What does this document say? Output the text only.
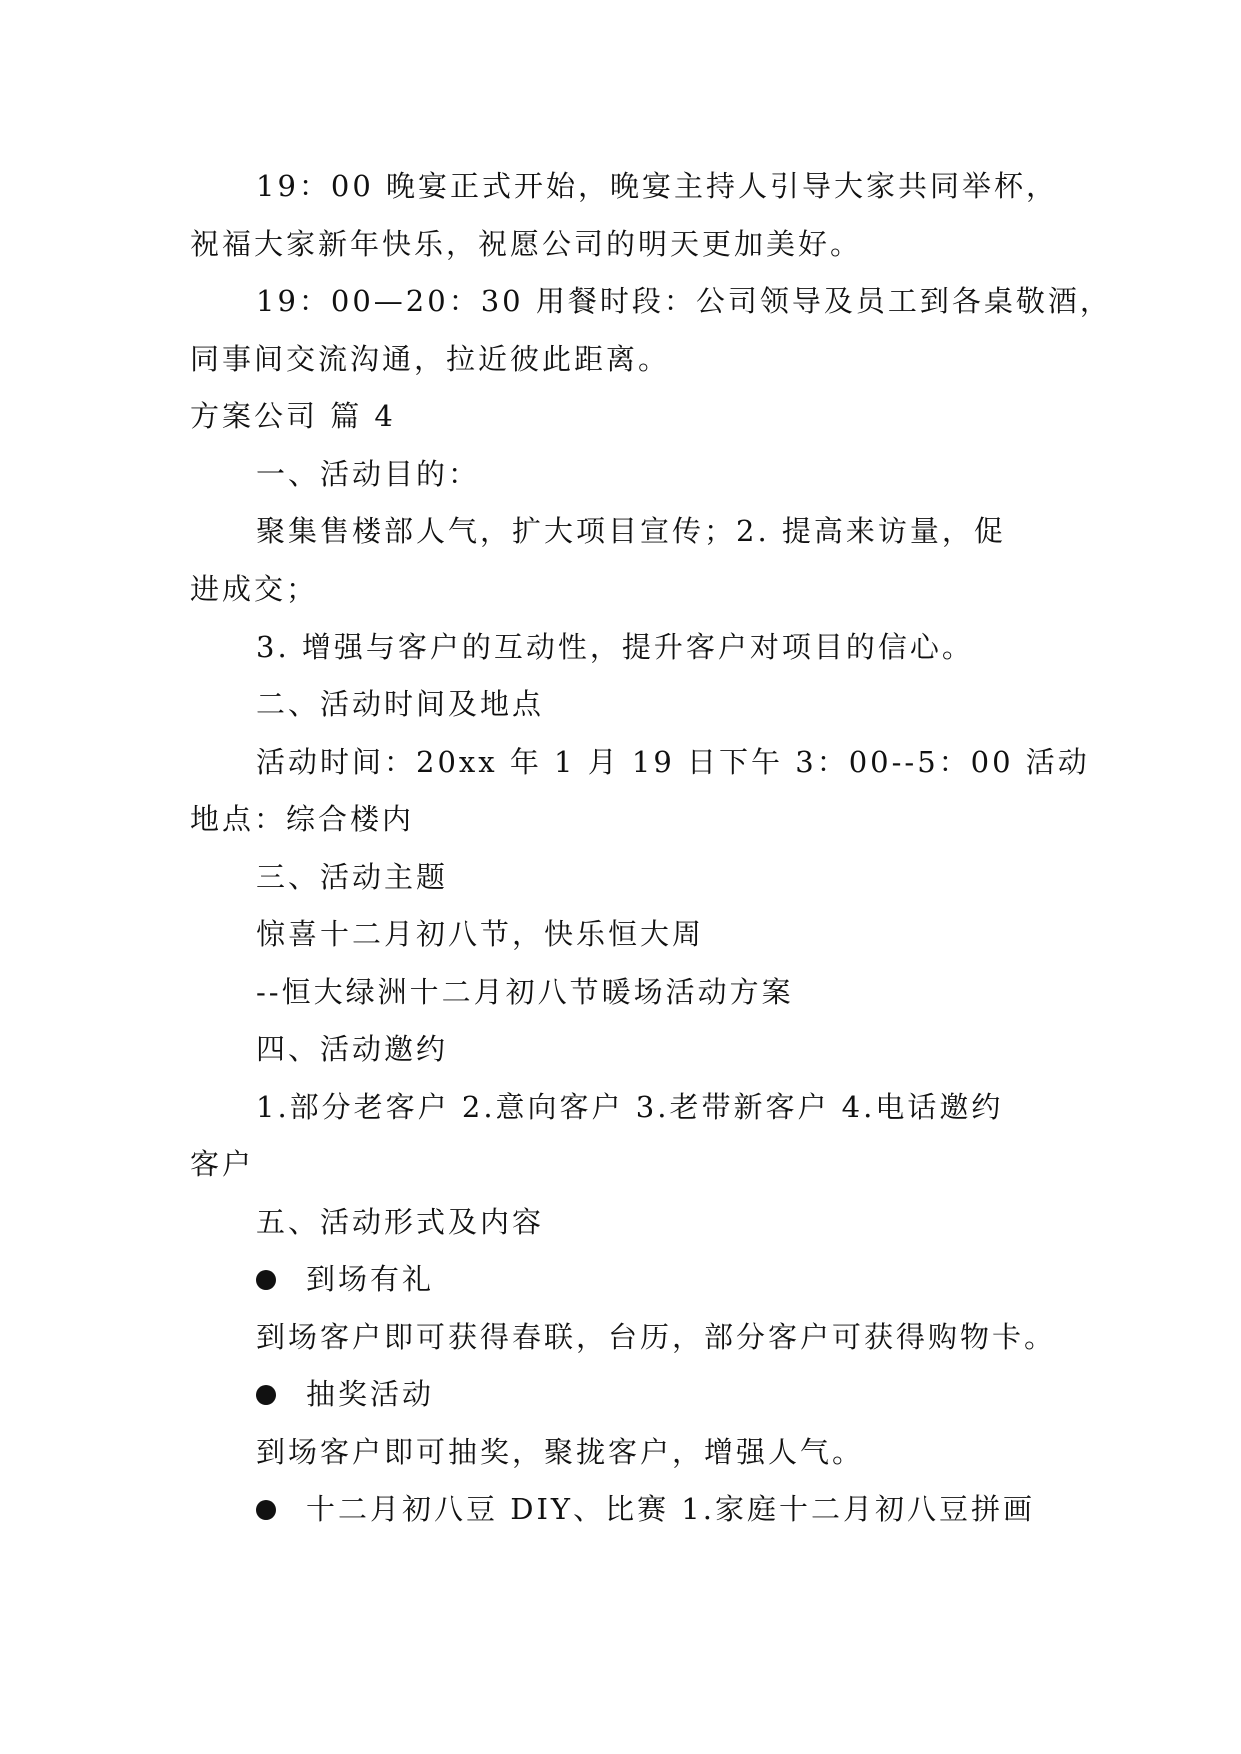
19：00 晚宴正式开始，晚宴主持人引导大家共同举杯，
祝福大家新年快乐，祝愿公司的明天更加美好。
19：00—20：30 用餐时段：公司领导及员工到各桌敬酒，
同事间交流沟通，拉近彼此距离。
方案公司 篇 4
一、活动目的：
聚集售楼部人气，扩大项目宣传；2. 提高来访量，促
进成交；
3. 增强与客户的互动性，提升客户对项目的信心。
二、活动时间及地点
活动时间：20xx 年 1 月 19 日下午 3：00--5：00 活动
地点：综合楼内
三、活动主题
惊喜十二月初八节，快乐恒大周
--恒大绿洲十二月初八节暖场活动方案
四、活动邀约
1.部分老客户 2.意向客户 3.老带新客户 4.电话邀约
客户
五、活动形式及内容
到场有礼
到场客户即可获得春联，台历，部分客户可获得购物卡。
抽奖活动
到场客户即可抽奖，聚拢客户，增强人气。
十二月初八豆 DIY、比赛 1.家庭十二月初八豆拼画
